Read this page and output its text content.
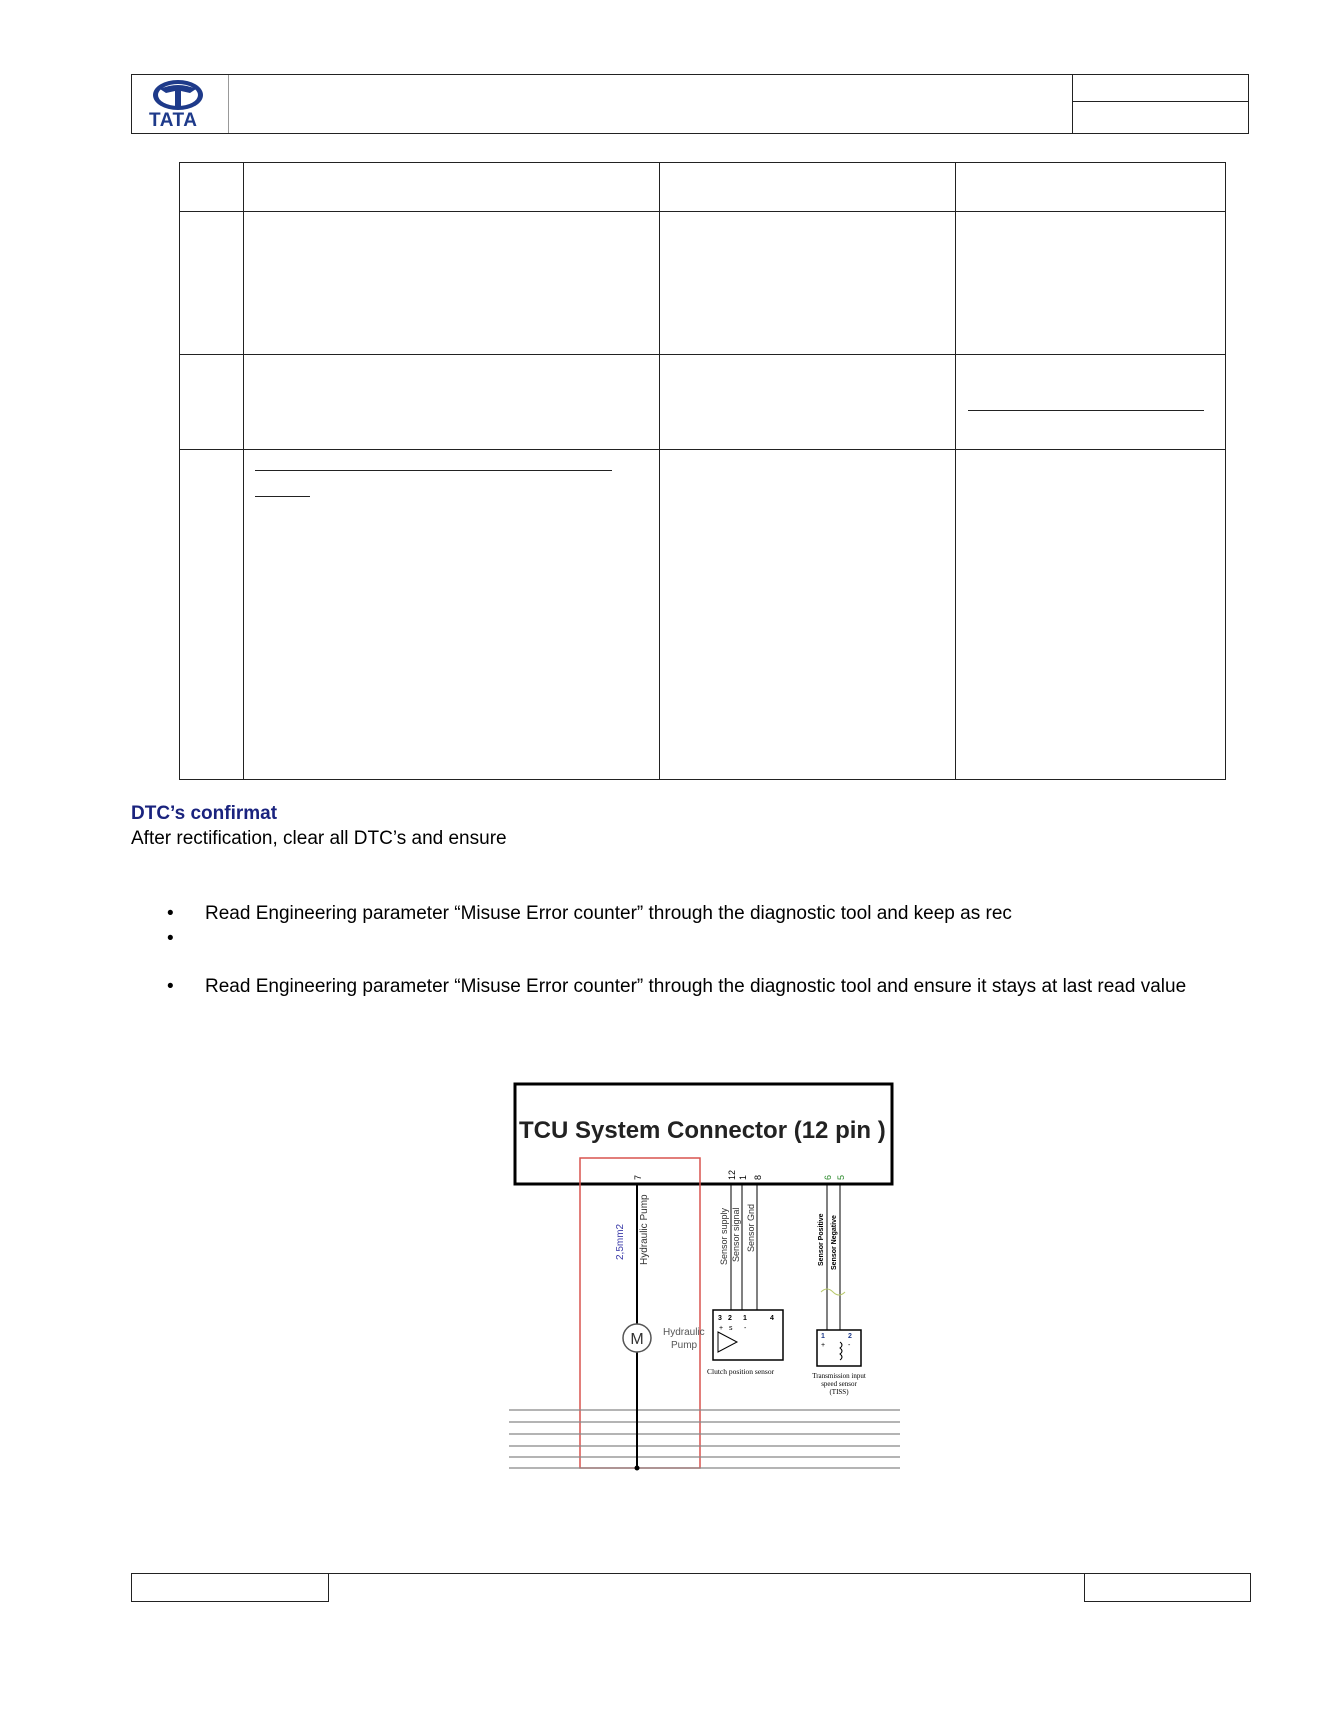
TATA
DTC’s confirmat
After rectification, clear all DTC’s and ensure
• Read Engineering parameter “Misuse Error counter” through the diagnostic tool and keep as rec
•
• Read Engineering parameter “Misuse Error counter” through the diagnostic tool and ensure it stays at last read value
TCU System Connector (12 pin )
7
2,5mm2 Hydraulic Pump
M Hydraulic
Pump
12 1 8
Sensor supply Sensor signal Sensor Gnd
3 2 1	4
+ s -
Clutch position sensor
6 5
Sensor Positive Sensor Negative
1	2
+	-
Transmission input
speed sensor
(TISS)
